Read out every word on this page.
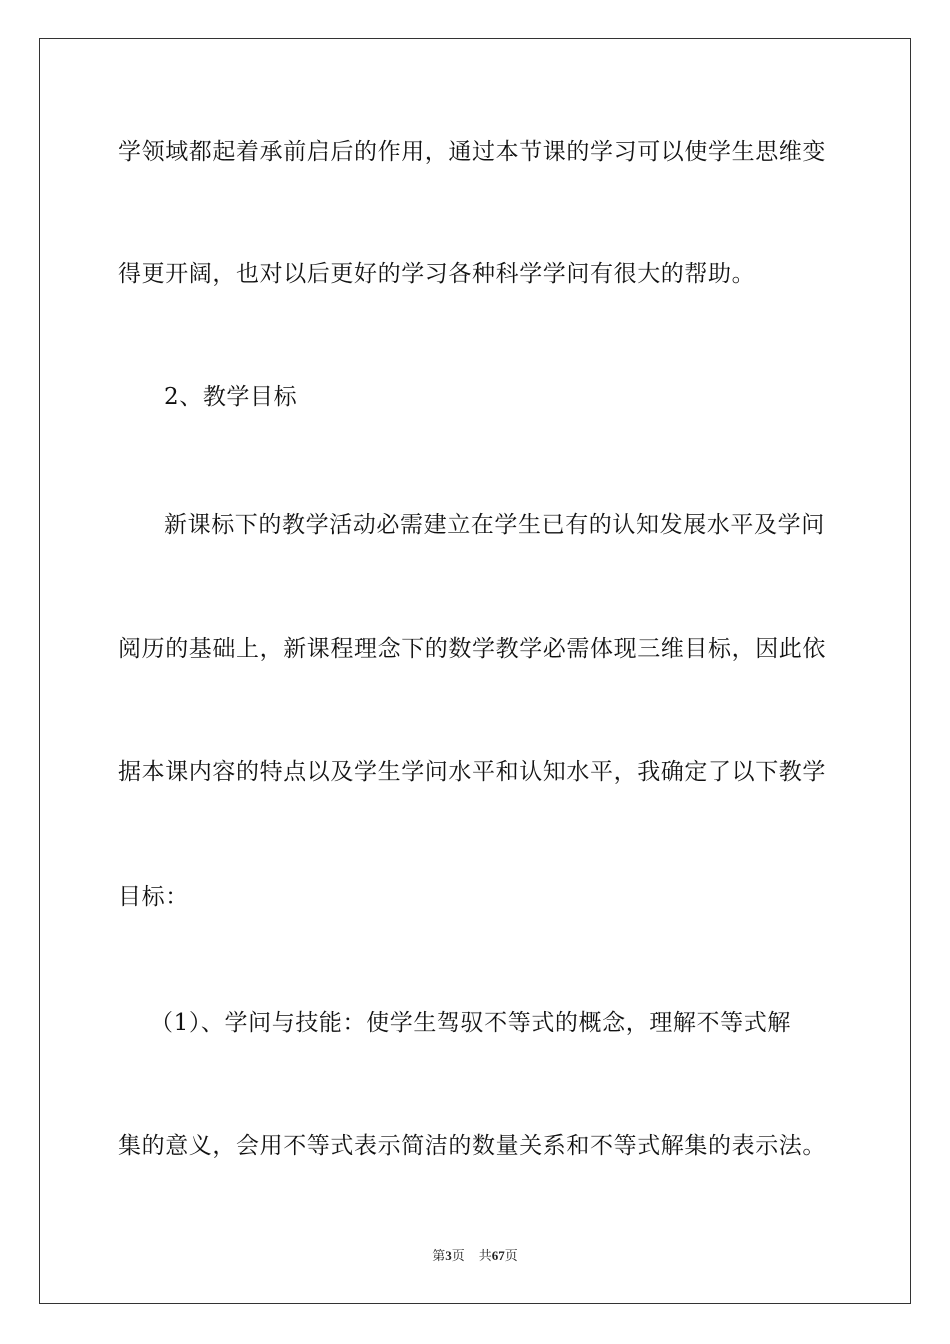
学领域都起着承前启后的作用，通过本节课的学习可以使学生思维变
得更开阔，也对以后更好的学习各种科学学问有很大的帮助。
2、教学目标
新课标下的教学活动必需建立在学生已有的认知发展水平及学问
阅历的基础上，新课程理念下的数学教学必需体现三维目标，因此依
据本课内容的特点以及学生学问水平和认知水平，我确定了以下教学
目标：
（1）、学问与技能：使学生驾驭不等式的概念，理解不等式解
集的意义，会用不等式表示简洁的数量关系和不等式解集的表示法。
第3页 共67页
